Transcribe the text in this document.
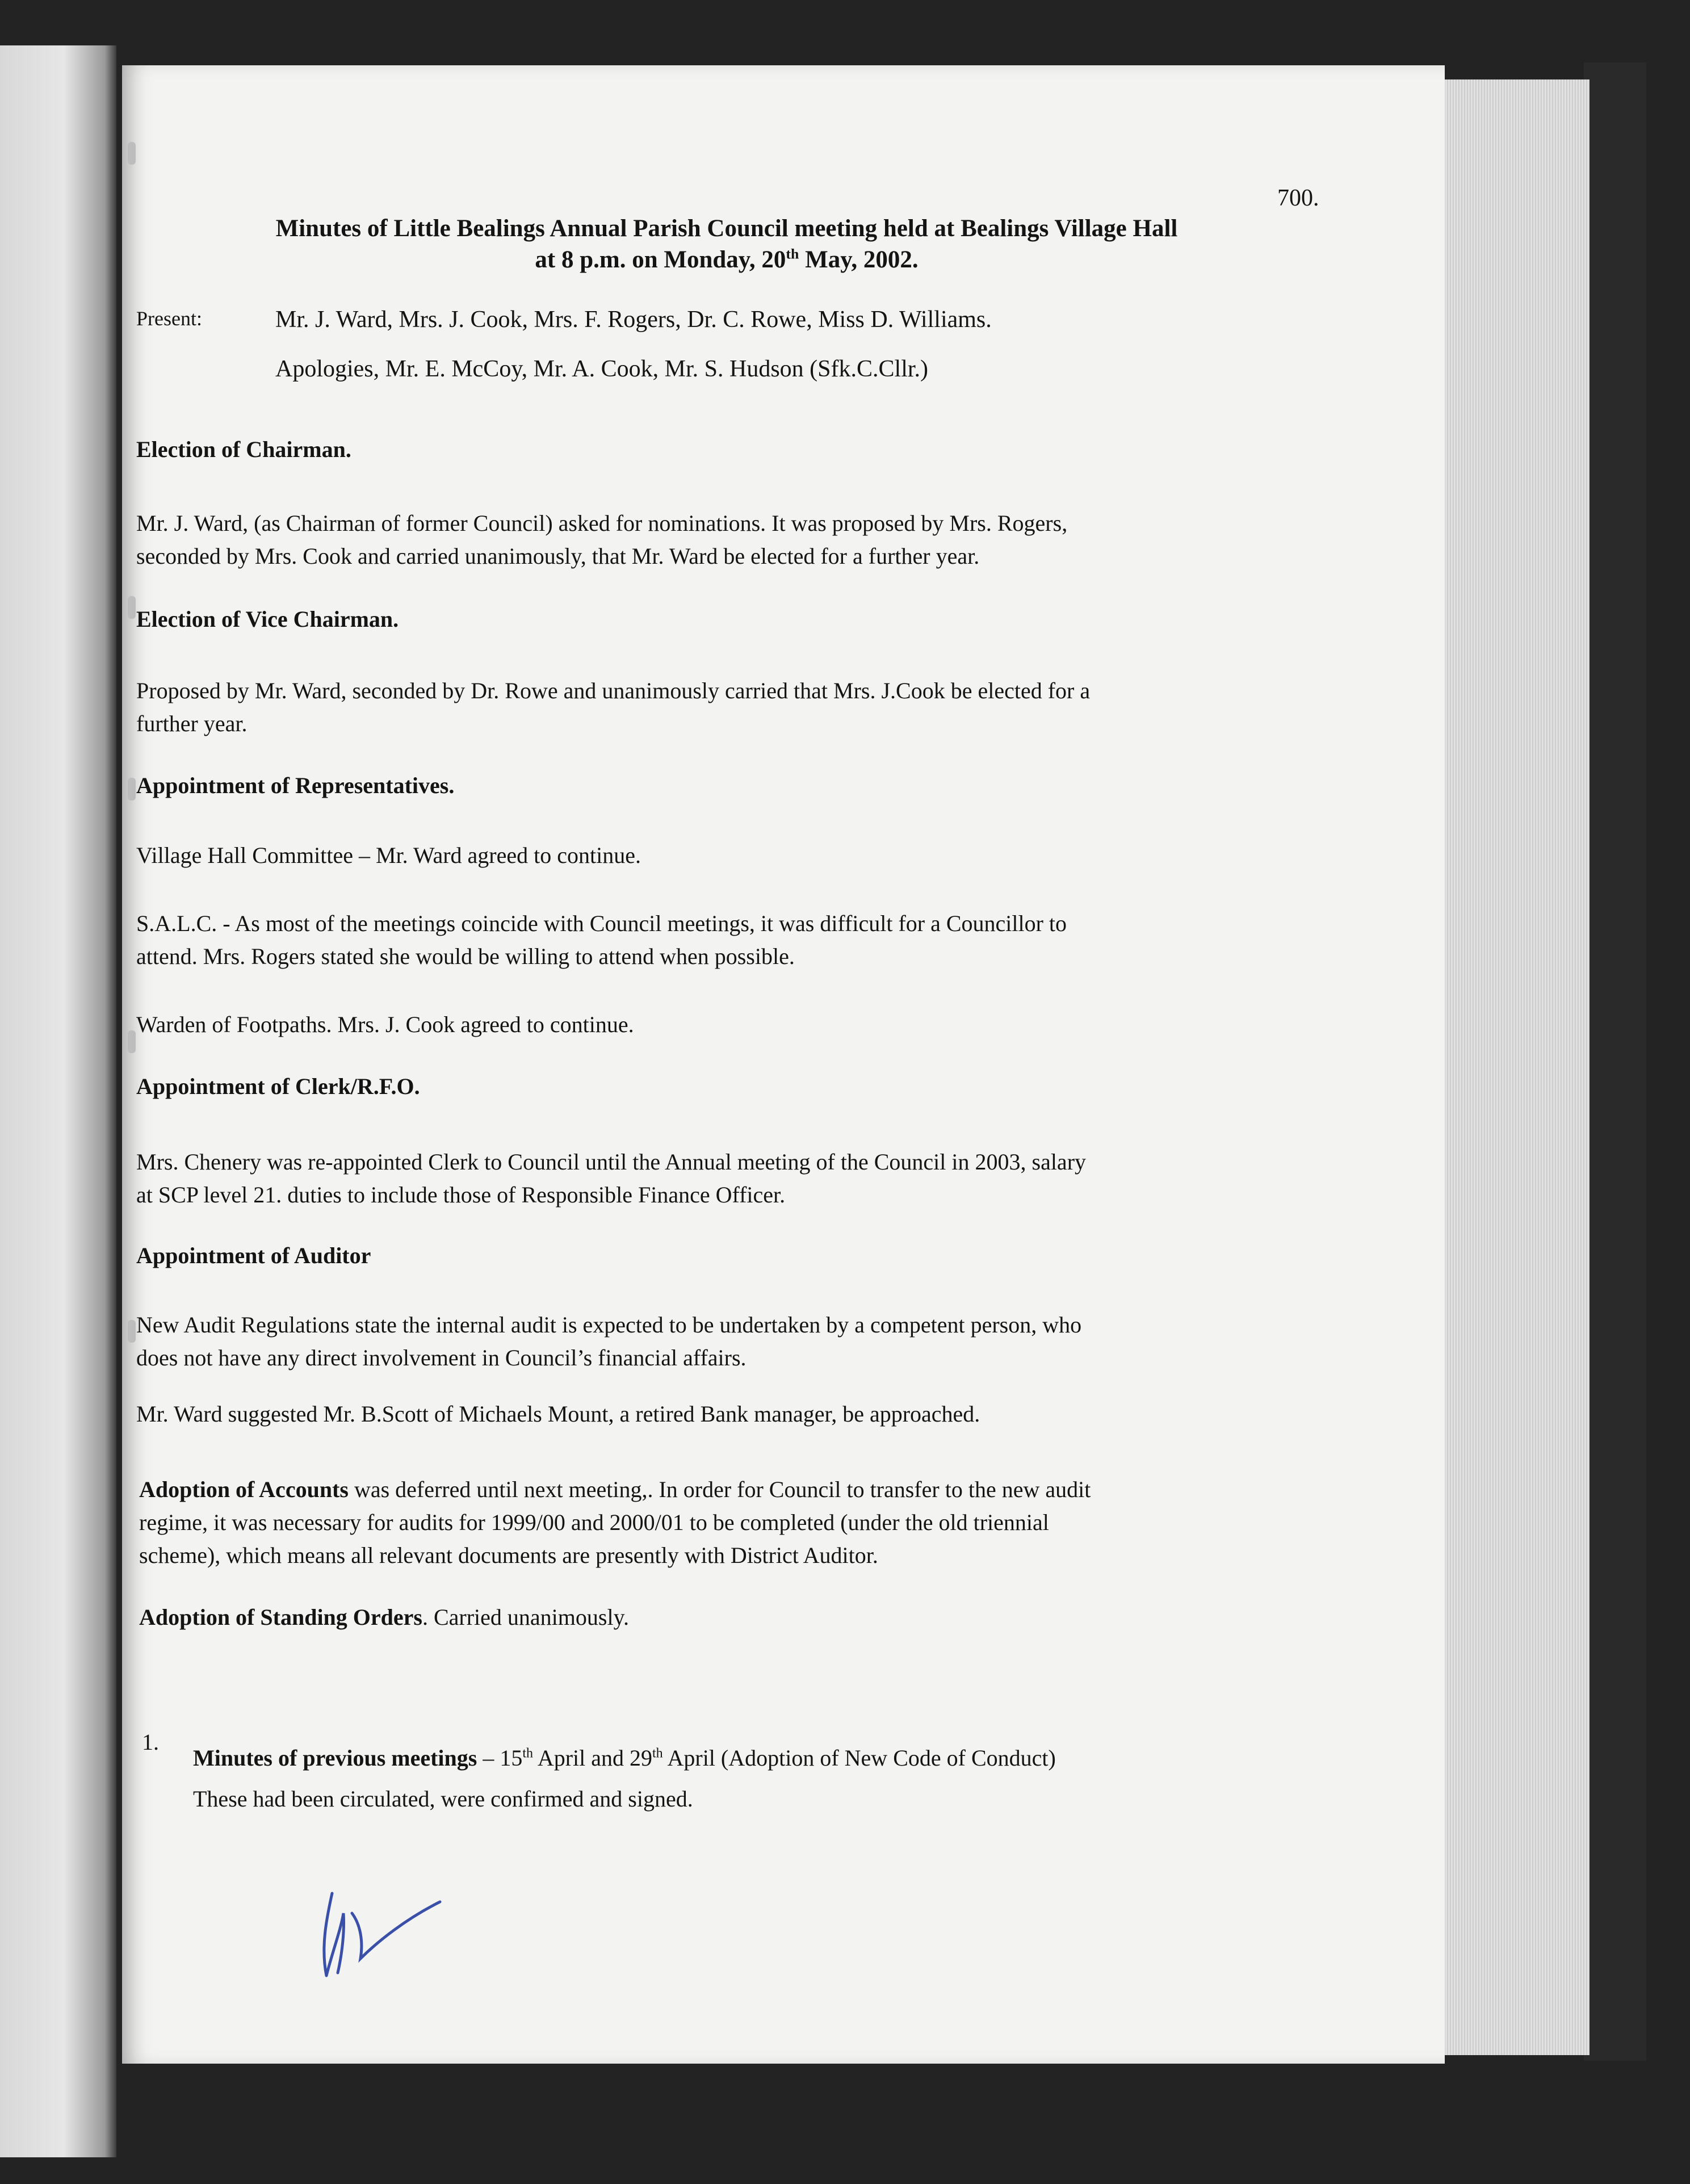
700.
Minutes of Little Bealings Annual Parish Council meeting held at Bealings Village Hall
at 8 p.m. on Monday, 20th May, 2002.
Present:	Mr. J. Ward, Mrs. J. Cook, Mrs. F. Rogers, Dr. C. Rowe, Miss D. Williams.
Apologies, Mr. E. McCoy, Mr. A. Cook, Mr. S. Hudson (Sfk.C.Cllr.)
Election of Chairman.
Mr. J. Ward, (as Chairman of former Council) asked for nominations. It was proposed by Mrs. Rogers,
seconded by Mrs. Cook and carried unanimously, that Mr. Ward be elected for a further year.
Election of Vice Chairman.
Proposed by Mr. Ward, seconded by Dr. Rowe and unanimously carried that Mrs. J.Cook be elected for a
further year.
Appointment of Representatives.
Village Hall Committee – Mr. Ward agreed to continue.
S.A.L.C. - As most of the meetings coincide with Council meetings, it was difficult for a Councillor to
attend. Mrs. Rogers stated she would be willing to attend when possible.
Warden of Footpaths. Mrs. J. Cook agreed to continue.
Appointment of Clerk/R.F.O.
Mrs. Chenery was re-appointed Clerk to Council until the Annual meeting of the Council in 2003, salary
at SCP level 21. duties to include those of Responsible Finance Officer.
Appointment of Auditor
New Audit Regulations state the internal audit is expected to be undertaken by a competent person, who
does not have any direct involvement in Council’s financial affairs.
Mr. Ward suggested Mr. B.Scott of Michaels Mount, a retired Bank manager, be approached.
Adoption of Accounts was deferred until next meeting,. In order for Council to transfer to the new audit
regime, it was necessary for audits for 1999/00 and 2000/01 to be completed (under the old triennial
scheme), which means all relevant documents are presently with District Auditor.
Adoption of Standing Orders. Carried unanimously.
1.
Minutes of previous meetings – 15th April and 29th April (Adoption of New Code of Conduct)
These had been circulated, were confirmed and signed.
